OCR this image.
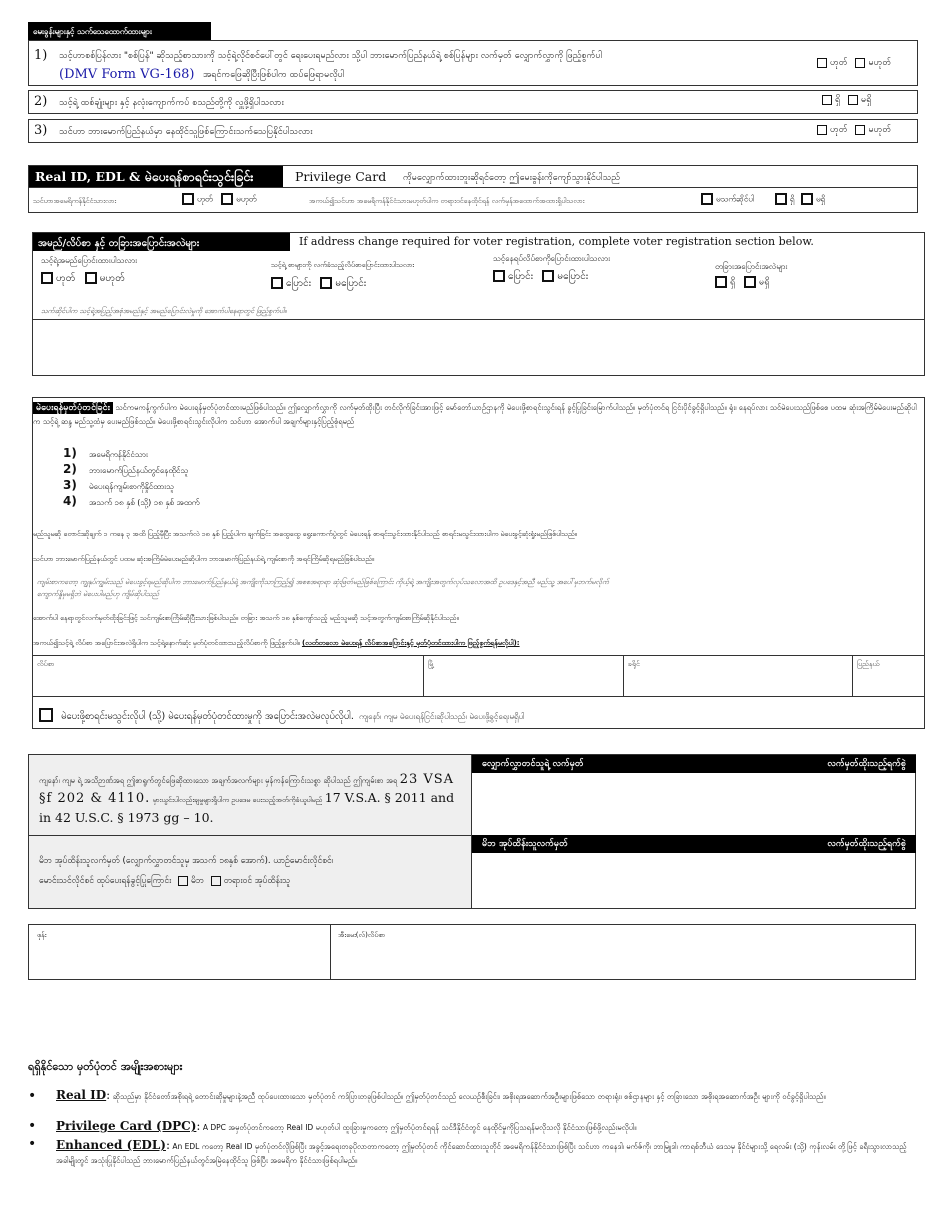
မေးခွန်းများနှင့် သက်သေထောက်ထားများ
1) သင့်ဟာစစ်ပြန်လား "စစ်ပြန်" ဆိုသည့်စာသားကို သင့်ရဲ့လိုင်စင်ပေါ်တွင် ရေးပေးရမည်လား သို့ပါ ဘားမောက်ပြည်နယ်ရဲ့ စစ်ပြန်များ လက်မှတ် လျှောက်လွှာကို ဖြည့်စွက်ပါ
(DMV Form VG-168) အရင်ကဖြေဆိုပြီးဖြစ်ပါက ထပ်ဖြေရာမလိုပါ
ဟုတ် မဟုတ်
2) သင့်ရဲ့ ထစ်ချုံးများ နှင့် နလုံးကျောက်ကပ် စသည်တို့ကို လှူဖို့ရှိပါသလား	ရှိ မရှိ
3) သင်ဟာ ဘားမောက်ပြည်နယ်မှာ နေထိုင်သူဖြစ်ကြောင်းသက်သေပြနိုင်ပါသလား	ဟုတ် မဟုတ်
Real ID, EDL & မဲပေးရန်စာရင်းသွင်းခြင်း	Privilege Card ကိုမလျှောက်ထားဘူးဆိုရင်တော့ ဤမေးခွန်းကိုကျော်သွားနိုင်ပါသည်
သင်ဟာအမေရိကန်နိုင်ငံသားလား	ဟုတ်	မဟုတ်	အကယ်၍သင်ဟာ အမေရိကန်နိုင်ငံသားမဟုတ်ပါက တရားဝင်နေထိုင်ရန် လက်မှန်အထောက်အထားရှိပါသလား	မသက်ဆိုင်ပါ	ရှိ	မရှိ
အမည်/လိပ်စာ နှင့် တခြားအပြောင်းအလဲများ	If address change required for voter registration, complete voter registration section below.
သင့်ရဲ့အမည်ပြောင်းထားပါသလား
ဟုတ် မဟုတ်
သင့်ရဲ့ စာများကို လက်ခံသည့်လိပ်စာပြောင်းထားပါသလား
ပြောင်း မပြောင်း
သင့်နေရပ်လိပ်စာကိုပြောင်းထားပါသလား
ပြောင်း မပြောင်း
တခြားအပြောင်းအလဲများ
ရှိ	မရှိ
သက်ဆိုင်ပါက သင့်ရဲ့အပြည့်အစုံအမည်နှင့် အမည်ပြောင်းလဲမှုကို အောက်ပါနေရာတွင် ဖြည့်စွက်ပါ။
မဲပေးရန်မှတ်ပုံတင်ခြင်း သင်ကမကန့်ကွက်ပါက မဲပေးရန်မှတ်ပုံတင်ထားမည်ဖြစ်ပါသည်။ ဤလျှောက်လွှာကို လက်မှတ်ထိုးပြီး တင်လိုက်ခြင်းအားဖြင့် မော်တော်ယာဉ်ဌာနကို မဲပေးဖို့စာရင်းသွင်းရန် ခွင့်ပြုခြင်းမြောက်ပါသည်။ မှတ်ပုံတင်ရ ငြင်းပိုင်ခွင့်ရှိပါသည်။ ရုံး၊ နေရပ်လား သင်မဲပေးသည်ဖြစ်စေ ပထမ ဆုံးအကြိမ်မဲပေးမည်ဆိုပါက သင့်ရဲ့ ဆန္ဒ မည်သူ့ထံမှ ပေးမည်ဖြစ်သည်။ မဲပေးဖို့စာရင်းသွင်းလိုပါက သင်ဟာ အောက်ပါ အချက်များနှင့်ပြည့်စုံရမည်
1) အမေရိကန်နိုင်ငံသား
2) ဘားမောက်ပြည်နယ်တွင်နေထိုင်သူ
3) မဲပေးရန်ကျမ်းစာကိုနှိုင်ထားသူ
4) အသက် ၁၈ နှစ် (သို့) ၁၈ နှစ် အထက်
မည်သူမဆို တောင်းဆိုချက် ၁ ကနေ ၃ အထိ ပြည့်မှီပြီး အသက်လဲ ၁၈ နှစ် ပြည့်ပါက ချက်ခြင်း အထွေထွေ ရွေးကောက်ပွဲတွင် မဲပေးရန် စာရင်းသွင်းထားနိုင်ပါသည် စာရင်းမသွင်းထားပါက မဲပေးခွင့်ဆုံးရှုံးမည်ဖြစ်ပါသည်။
သင်ဟာ ဘားမောက်ပြည်နယ်တွင် ပထမ ဆုံးအကြိမ်မဲပေးမည်ဆိုပါက ဘားမောက်ပြည်နယ်ရဲ့ ကျမ်းစာကို အရင်ကြိမ်ဆိုရမည်ဖြစ်ပါသည်။
ကျမ်းစာကတော့ ကျွနုပ်ကျွမ်းသည် မဲပေးခွင့်ရမည်ဆိုပါက ဘားမောက်ပြည်နယ်ရဲ့ အကျိုးကိုသာကြည့်၍ အစစအရာရာ ဆုံးဖြတ်မည်ဖြစ်ကြောင်း ကိုယ့်ရဲ့ အကျိုးအတွက်လုပ်သလောအထိ ဥပဒေနှင့်အညီ မည်သူ့ အပေါ်မှဘက်မလိုက်
ကျောက်နှိုမှမရှိဘဲ မဲပေးပါမည်ဟု ကျိမ်ဆိုပါသည်
အောက်ပါ နေရာတွင်လက်မှတ်ထိုးခြင်းဖြင့် သင်ကျမ်းစာကြိမ်ဆိုပြီးသားဖြစ်ပါသည်။ တခြား အသက် ၁၈ နှစ်ကျော်သည့် မည်သူမဆို သင့်အတွက်ကျမ်းစာကြိမ်ဆိုနိုင်ပါသည်။
အကယ်၍သင့်ရဲ့ လိပ်စာ အပြောင်းအလဲရှိပါက သင့်ရဲ့နောက်ဆုံး မှတ်ပုံတင်ထားသည့်လိပ်စာကို ဖြည့်စွက်ပါ။ (လတ်တလော မဲပေးရန် လိပ်စာအပြောင်းနှင့် မှတ်ပုံတင်ထားပါက ဖြည့်စွက်ရန်မလိုပါ):
လိပ်စာ	မြို့	ခရိုင်	ပြည်နယ်
မဲပေးဖို့စာရင်းမသွင်းလိုပါ (သို့) မဲပေးရန်မှတ်ပုံတင်ထားမှုကို အပြောင်းအလဲမလုပ်လိုပါ. ကျနော်၊ ကျမ မဲပေးရန်ငြင်းဆိုပါသည်၊ မဲပေးဖို့ခွင့်ရေးမရှိပါ
ကျနော်၊ ကျမ ရဲ့ အသိဉာဏ်အရ ဤစာရွက်တွင်ဖြေဆိုထားသော အချက်အလက်များ မှန်ကန်ကြောင်းသစ္စာ ဆိုပါသည် ဤကျမ်းစာ အရ 23 VSA §f 202 & 4110. မှားယွင်းပါလည်းချမှုများရှိပါက ဥပဒေမ ပေးသည့်အတ်ကိုခံယူပါမည် 17 V.S.A. § 2011 and in 42 U.S.C. § 1973 gg – 10.
မိဘ အုပ်ထိန်းသူလက်မှတ် (လျှောက်လွှာတင်သူမှ အသက် ၁၈နှစ် အောက်). ယာဉ်မောင်းလိုင်စင်၊
မောင်းသင်လိုင်စင် ထုပ်ပေးရန်ခွင့်ပြုကြောင်း မိဘ တရားဝင် အုပ်ထိန်းသူ
လျှောက်လွှာတင်သူရဲ့ လက်မှတ်	လက်မှတ်ထိုးသည့်ရက်စွဲ
မိဘ အုပ်ထိန်းသူလက်မှတ်	လက်မှတ်ထိုးသည့်ရက်စွဲ
ဖုန်း	အီးမေး(လ်)လိပ်စာ
ရရှိနိုင်သော မှတ်ပုံတင် အမျိုးအစားများ
• Real ID: ဆိုသည်မှာ နိုင်ငံတော်အစိုးရရဲ့ တောင်းဆိုမှုများနဲ့အညီ ထုပ်ပေးထားသော မှတ်ပုံတင် ကဒ်ပြားတခုဖြစ်ပါသည်။ ဤမှတ်ပုံတင်သည် လေယဉ်စီးခြင်း၊ အစိုးရအဆောက်အဦးများဖြစ်သော တရားရုံး၊ စစ်ဌာနများ နှင့် တခြားသော အစိုးရအဆောက်အဦး များကို ဝင်ခွင့်ရှိပါသည်။
• Privilege Card (DPC): A DPC အမှတ်ပုံတင်ကတော့ Real ID မဟုတ်ပါ ထူးခြားမှုကတော့ ဤမှတ်ပုံတင်ရရန် သင်ဒီနိုင်ငံတွင် နေထိုင်မှုကိုပြသရန်မလိုသလို နိုင်ငံသားဖြစ်ဖို့လည်းမလိုပါ။
• Enhanced (EDL): An EDL ကတော့ Real ID မှတ်ပုံတင်လိုဖြစ်ပြီး အခွင့်အရေးတခုပိုလာတာကတော့ ဤမှတ်ပုံတင် ကိုင်ဆောင်ထားသူတိုင် အမေရိကန်နိုင်ငံသားဖြစ်ပြီး သင်ဟာ ကနေဒါ၊ မက်ဇ်ကို၊ ဘာမြူဒါ၊ ကာရစ်ဘီယံ ဒေသမှ နိုင်ငံများသို့ ရေလမ်း (သို့) ကုန်းလမ်း တို့ဖြင့် ခရီးသွားလာသည့် အခါမျိုးတွင် အသုံးပြုနိုင်ပါသည် ဘားမောက်ပြည်နယ်တွင်အမြဲနေထိုင်သူ ဖြစ်ပြီး အမေရိက နိုင်ငံသားဖြစ်ရပါမည်။
